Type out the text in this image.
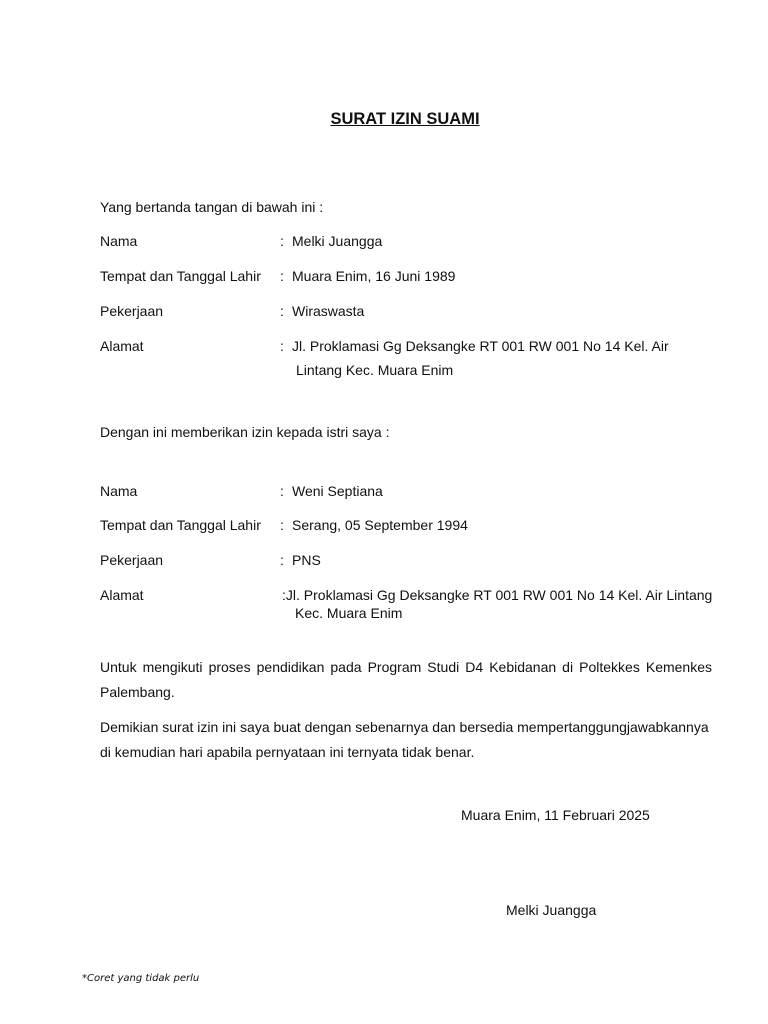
SURAT IZIN SUAMI
Yang bertanda tangan di bawah ini :
Nama	: Melki Juangga
Tempat dan Tanggal Lahir : Muara Enim, 16 Juni 1989
Pekerjaan	: Wiraswasta
Alamat	: Jl. Proklamasi Gg Deksangke RT 001 RW 001 No 14 Kel. Air
Lintang Kec. Muara Enim
Dengan ini memberikan izin kepada istri saya :
Nama	: Weni Septiana
Tempat dan Tanggal Lahir : Serang, 05 September 1994
Pekerjaan	: PNS
Alamat	:Jl. Proklamasi Gg Deksangke RT 001 RW 001 No 14 Kel. Air Lintang
Kec. Muara Enim
Untuk mengikuti proses pendidikan pada Program Studi D4 Kebidanan di Poltekkes Kemenkes Palembang.
Demikian surat izin ini saya buat dengan sebenarnya dan bersedia mempertanggungjawabkannya di kemudian hari apabila pernyataan ini ternyata tidak benar.
Muara Enim, 11 Februari 2025
Melki Juangga
*Coret yang tidak perlu
